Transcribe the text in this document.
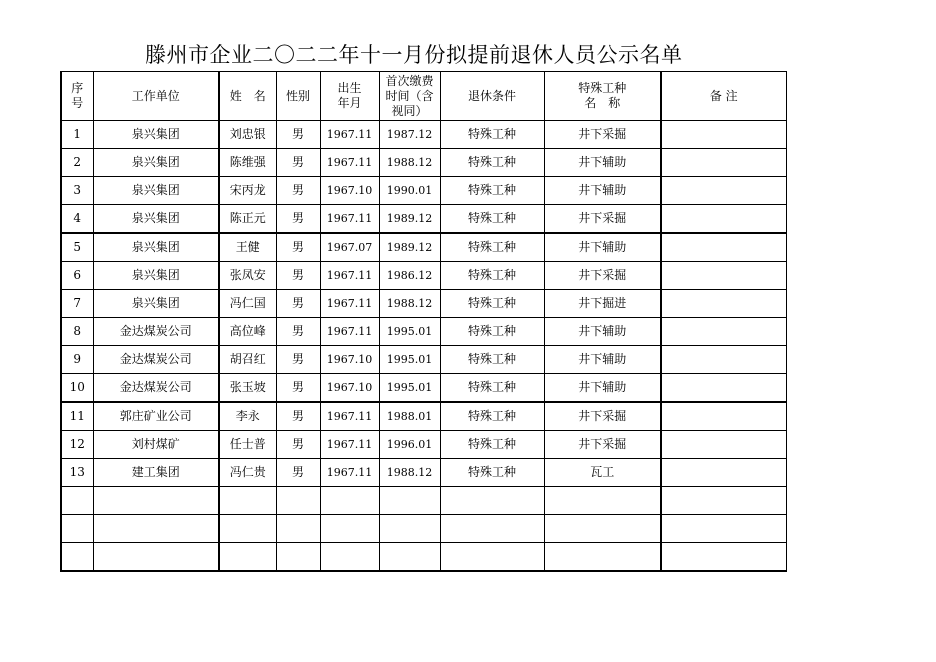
滕州市企业二〇二二年十一月份拟提前退休人员公示名单
序号	工作单位	姓　名	性别	出生年月	首次缴费时间（含视同）	退休条件	特殊工种名　称	备 注
1	泉兴集团	刘忠银	男	1967.11	1987.12	特殊工种	井下采掘	
2	泉兴集团	陈维强	男	1967.11	1988.12	特殊工种	井下辅助	
3	泉兴集团	宋丙龙	男	1967.10	1990.01	特殊工种	井下辅助	
4	泉兴集团	陈正元	男	1967.11	1989.12	特殊工种	井下采掘	
5	泉兴集团	王健	男	1967.07	1989.12	特殊工种	井下辅助	
6	泉兴集团	张凤安	男	1967.11	1986.12	特殊工种	井下采掘	
7	泉兴集团	冯仁国	男	1967.11	1988.12	特殊工种	井下掘进	
8	金达煤炭公司	高位峰	男	1967.11	1995.01	特殊工种	井下辅助	
9	金达煤炭公司	胡召红	男	1967.10	1995.01	特殊工种	井下辅助	
10	金达煤炭公司	张玉坡	男	1967.10	1995.01	特殊工种	井下辅助	
11	郭庄矿业公司	李永	男	1967.11	1988.01	特殊工种	井下采掘	
12	刘村煤矿	任士普	男	1967.11	1996.01	特殊工种	井下采掘	
13	建工集团	冯仁贵	男	1967.11	1988.12	特殊工种	瓦工	
